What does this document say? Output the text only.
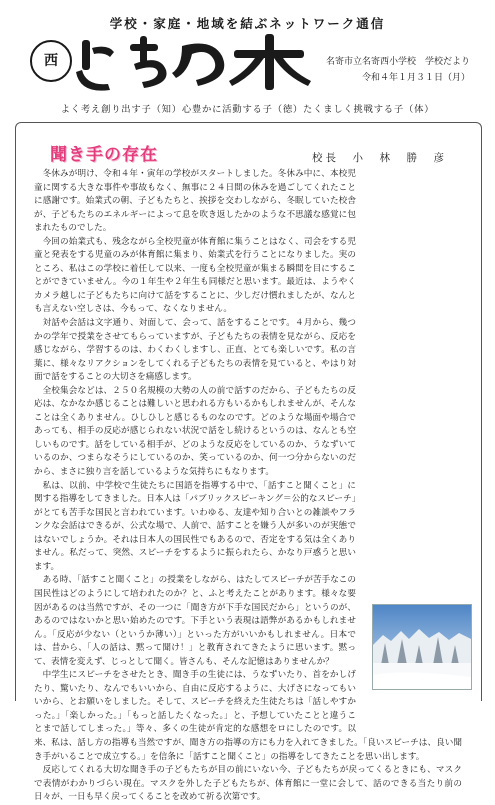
学校・家庭・地域を結ぶネットワーク通信
西	名寄市立名寄西小学校　学校だより
令和４年１月３１日（月）
よく考え創り出す子（知）心豊かに活動する子（徳）たくましく挑戦する子（体）
聞き手の存在	校長　小　林　勝　彦

冬休みが明け、令和４年・寅年の学校がスタートしました。冬休み中に、本校児童に関する大きな事件や事故もなく、無事に２４日間の休みを過ごしてくれたことに感謝です。始業式の朝、子どもたちと、挨拶を交わしながら、冬眠していた校舎が、子どもたちのエネルギーによって息を吹き返したかのような不思議な感覚に包まれたものでした。

今回の始業式も、残念ながら全校児童が体育館に集うことはなく、司会をする児童と発表をする児童のみが体育館に集まり、始業式を行うことになりました。実のところ、私はこの学校に着任して以来、一度も全校児童が集まる瞬間を目にすることができていません。今の１年生や２年生も同様だと思います。最近は、ようやくカメラ越しに子どもたちに向けて話をすることに、少しだけ慣れましたが、なんとも言えない空しさは、今もって、なくなりません。

対話や会話は文字通り、対面して、会って、話をすることです。４月から、幾つかの学年で授業をさせてもらっていますが、子どもたちの表情を見ながら、反応を感じながら、学習するのは、わくわくしますし、正直、とても楽しいです。私の言葉に、様々なリアクションをしてくれる子どもたちの表情を見ていると、やはり対面で話をすることの大切さを痛感します。

全校集会などは、２５０名規模の大勢の人の前で話すのだから、子どもたちの反応は、なかなか感じることは難しいと思われる方もいるかもしれませんが、そんなことは全くありません。ひしひしと感じるものなのです。どのような場面や場合であっても、相手の反応が感じられない状況で話をし続けるというのは、なんとも空しいものです。話をしている相手が、どのような反応をしているのか、うなずいているのか、つまらなそうにしているのか、笑っているのか、何一つ分からないのだから、まさに独り言を話しているような気持ちにもなります。

私は、以前、中学校で生徒たちに国語を指導する中で、「話すこと聞くこと」に関する指導をしてきました。日本人は「パブリックスピーキング＝公的なスピーチ」がとても苦手な国民と言われています。いわゆる、友達や知り合いとの雑談やフランクな会話はできるが、公式な場で、人前で、話すことを嫌う人が多いのが実態ではないでしょうか。それは日本人の国民性でもあるので、否定をする気は全くありません。私だって、突然、スピーチをするように振られたら、かなり戸惑うと思います。

ある時、「話すこと聞くこと」の授業をしながら、はたしてスピーチが苦手なこの国民性はどのようにして培われたのか？と、ふと考えたことがあります。様々な要因があるのは当然ですが、その一つに「聞き方が下手な国民だから」というのが、あるのではないかと思い始めたのです。下手という表現は語弊があるかもしれません。「反応が少ない（というか薄い）」といった方がいいかもしれません。日本では、昔から、「人の話は、黙って聞け！」と教育されてきたように思います。黙って、表情を変えず、じっとして聞く。皆さんも、そんな記憶はありませんか？

中学生にスピーチをさせたとき、聞き手の生徒には、うなずいたり、首をかしげたり、驚いたり、なんでもいいから、自由に反応するように、大げさになってもいいから、とお願いをしました。そして、スピーチを終えた生徒たちは「話しやすかった。」「楽しかった。」「もっと話したくなった。」と、予想していたことと違うことまで話してしまった。」等々、多くの生徒が肯定的な感想をロにしたのです。以来、私は、話し方の指導も当然ですが、聞き方の指導の方にも力を入れてきました。「良いスピーチは、良い聞き手がいることで成立する。」を信条に「話すこと聞くこと」の指導をしてきたことを思い出します。

反応してくれる大切な聞き手の子どもたちが目の前にいない今、子どもたちが戻ってくるときにも、マスクで表情がわかりづらい現在。マスクを外した子どもたちが、体育館に一堂に会して、話のできる当たり前の日々が、一日も早く戻ってくることを改めて祈る次第です。
